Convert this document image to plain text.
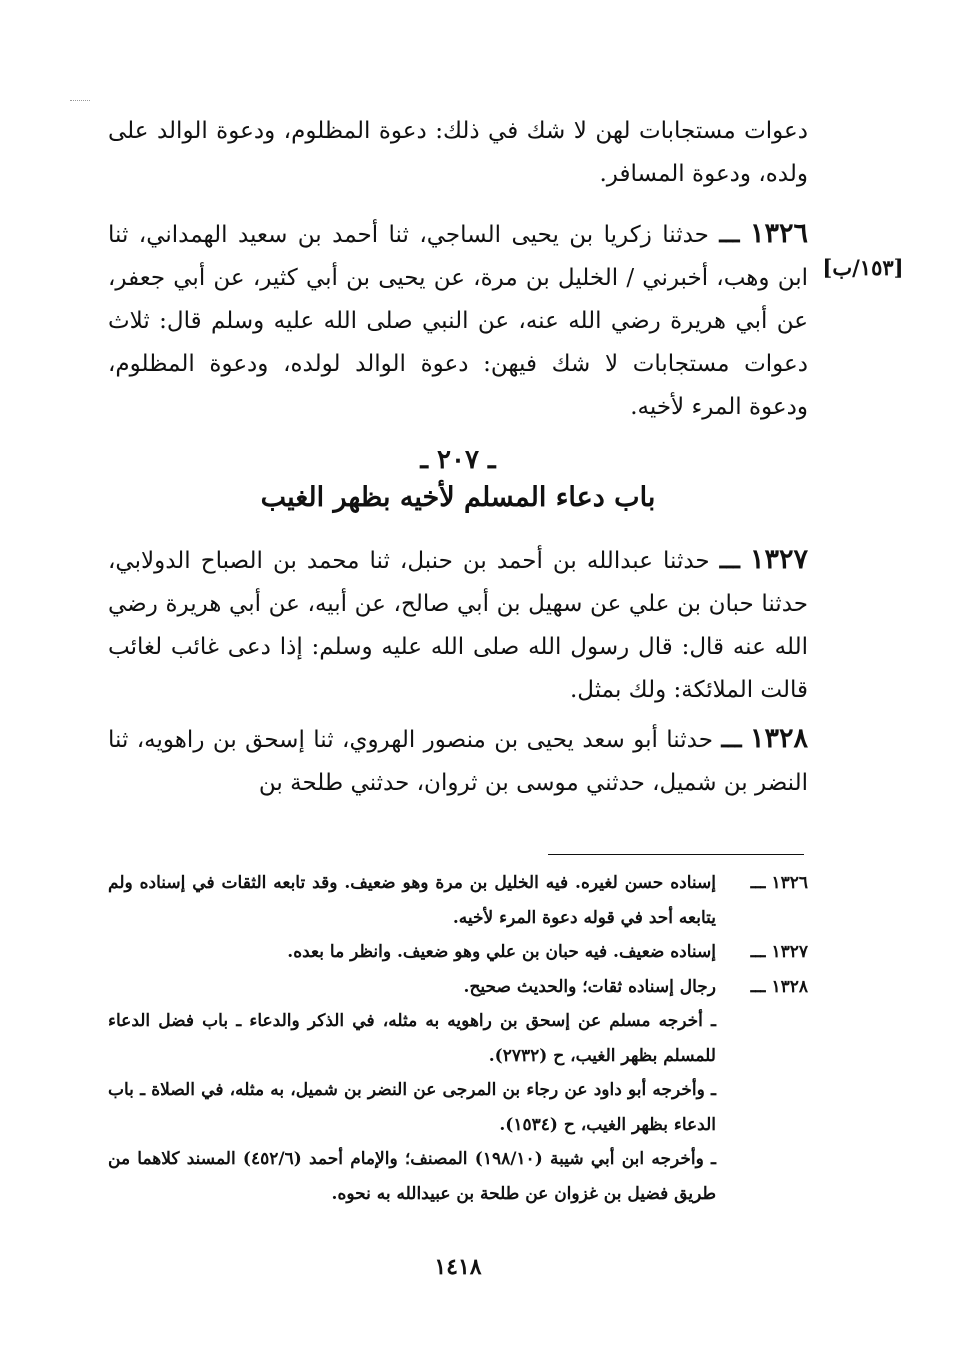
دعوات مستجابات لهن لا شك في ذلك: دعوة المظلوم، ودعوة الوالد على ولده، ودعوة المسافر.

١٣٢٦ ـــ حدثنا زكريا بن يحيى الساجي، ثنا أحمد بن سعيد الهمداني، ثنا ابن وهب، أخبرني / الخليل بن مرة، عن يحيى بن أبي كثير، عن أبي جعفر، عن أبي هريرة رضي الله عنه، عن النبي صلى الله عليه وسلم قال: ثلاث دعوات مستجابات لا شك فيهن: دعوة الوالد لولده، ودعوة المظلوم، ودعوة المرء لأخيه.

[١٥٣/ب]
ـ ٢٠٧ ـ
باب دعاء المسلم لأخيه بظهر الغيب

١٣٢٧ ـــ حدثنا عبدالله بن أحمد بن حنبل، ثنا محمد بن الصباح الدولابي، حدثنا حبان بن علي عن سهيل بن أبي صالح، عن أبيه، عن أبي هريرة رضي الله عنه قال: قال رسول الله صلى الله عليه وسلم: إذا دعى غائب لغائب قالت الملائكة: ولك بمثل.

١٣٢٨ ـــ حدثنا أبو سعد يحيى بن منصور الهروي، ثنا إسحق بن راهويه، ثنا النضر بن شميل، حدثني موسى بن ثروان، حدثني طلحة بن

١٣٢٦ ـــ
إسناده حسن لغيره. فيه الخليل بن مرة وهو ضعيف. وقد تابعه الثقات في إسناده ولم يتابعه أحد في قوله دعوة المرء لأخيه.
١٣٢٧ ـــ
إسناده ضعيف. فيه حبان بن علي وهو ضعيف. وانظر ما بعده.
١٣٢٨ ـــ
رجال إسناده ثقات؛ والحديث صحيح.
ـ أخرجه مسلم عن إسحق بن راهويه به مثله، في الذكر والدعاء ـ باب فضل الدعاء للمسلم بظهر الغيب، ح (٢٧٣٢).
ـ وأخرجه أبو داود عن رجاء بن المرجى عن النضر بن شميل، به مثله، في الصلاة ـ باب الدعاء بظهر الغيب، ح (١٥٣٤).
ـ وأخرجه ابن أبي شيبة (١٩٨/١٠) المصنف؛ والإمام أحمد (٤٥٢/٦) المسند كلاهما من طريق فضيل بن غزوان عن طلحة بن عبيدالله به نحوه.
١٤١٨
